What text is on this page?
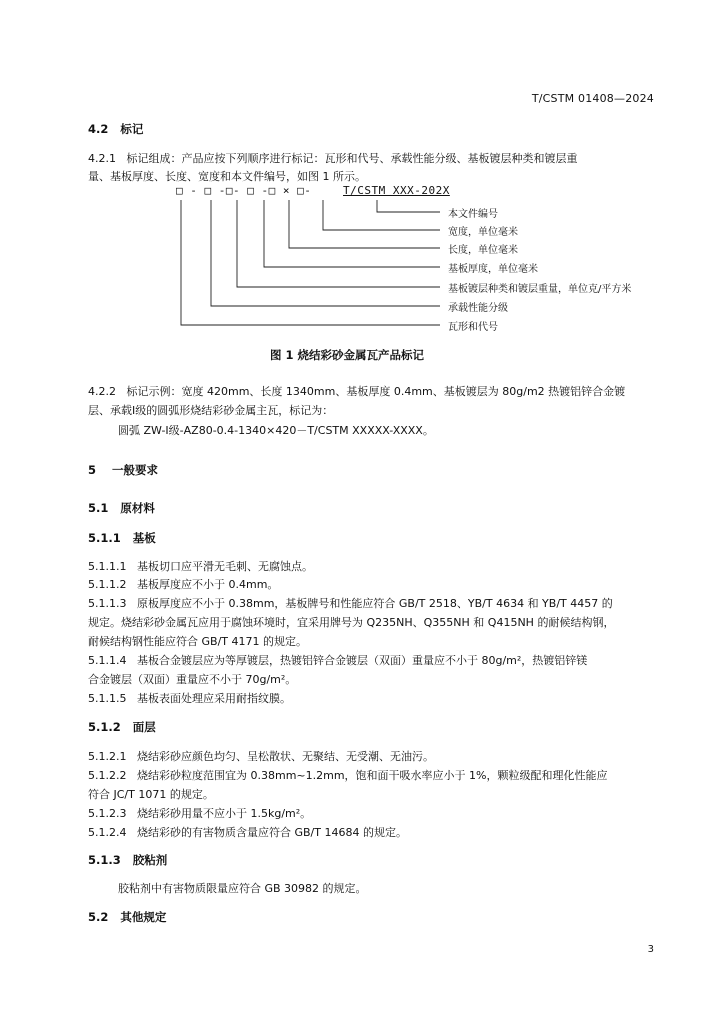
T/CSTM 01408—2024
4.2 标记
4.2.1 标记组成：产品应按下列顺序进行标记：瓦形和代号、承载性能分级、基板镀层种类和镀层重
量、基板厚度、长度、宽度和本文件编号，如图 1 所示。
□ - □ -□- □ -□ × □-	T/CSTM XXX-202X
本文件编号
宽度，单位毫米
长度，单位毫米
基板厚度，单位毫米
基板镀层种类和镀层重量，单位克/平方米
承载性能分级
瓦形和代号
图 1 烧结彩砂金属瓦产品标记
4.2.2 标记示例：宽度 420mm、长度 1340mm、基板厚度 0.4mm、基板镀层为 80g/m2 热镀铝锌合金镀
层、承载Ⅰ级的圆弧形烧结彩砂金属主瓦，标记为：
圆弧 ZW-Ⅰ级-AZ80-0.4-1340×420－T/CSTM XXXXX-XXXX。
5 一般要求
5.1 原材料
5.1.1 基板
5.1.1.1 基板切口应平滑无毛刺、无腐蚀点。
5.1.1.2 基板厚度应不小于 0.4mm。
5.1.1.3 原板厚度应不小于 0.38mm，基板牌号和性能应符合 GB/T 2518、YB/T 4634 和 YB/T 4457 的
规定。烧结彩砂金属瓦应用于腐蚀环境时，宜采用牌号为 Q235NH、Q355NH 和 Q415NH 的耐候结构钢，
耐候结构钢性能应符合 GB/T 4171 的规定。
5.1.1.4 基板合金镀层应为等厚镀层，热镀铝锌合金镀层（双面）重量应不小于 80g/m²，热镀铝锌镁
合金镀层（双面）重量应不小于 70g/m²。
5.1.1.5 基板表面处理应采用耐指纹膜。
5.1.2 面层
5.1.2.1 烧结彩砂应颜色均匀、呈松散状、无聚结、无受潮、无油污。
5.1.2.2 烧结彩砂粒度范围宜为 0.38mm~1.2mm，饱和面干吸水率应小于 1%，颗粒级配和理化性能应
符合 JC/T 1071 的规定。
5.1.2.3 烧结彩砂用量不应小于 1.5kg/m²。
5.1.2.4 烧结彩砂的有害物质含量应符合 GB/T 14684 的规定。
5.1.3 胶粘剂
胶粘剂中有害物质限量应符合 GB 30982 的规定。
5.2 其他规定
3
